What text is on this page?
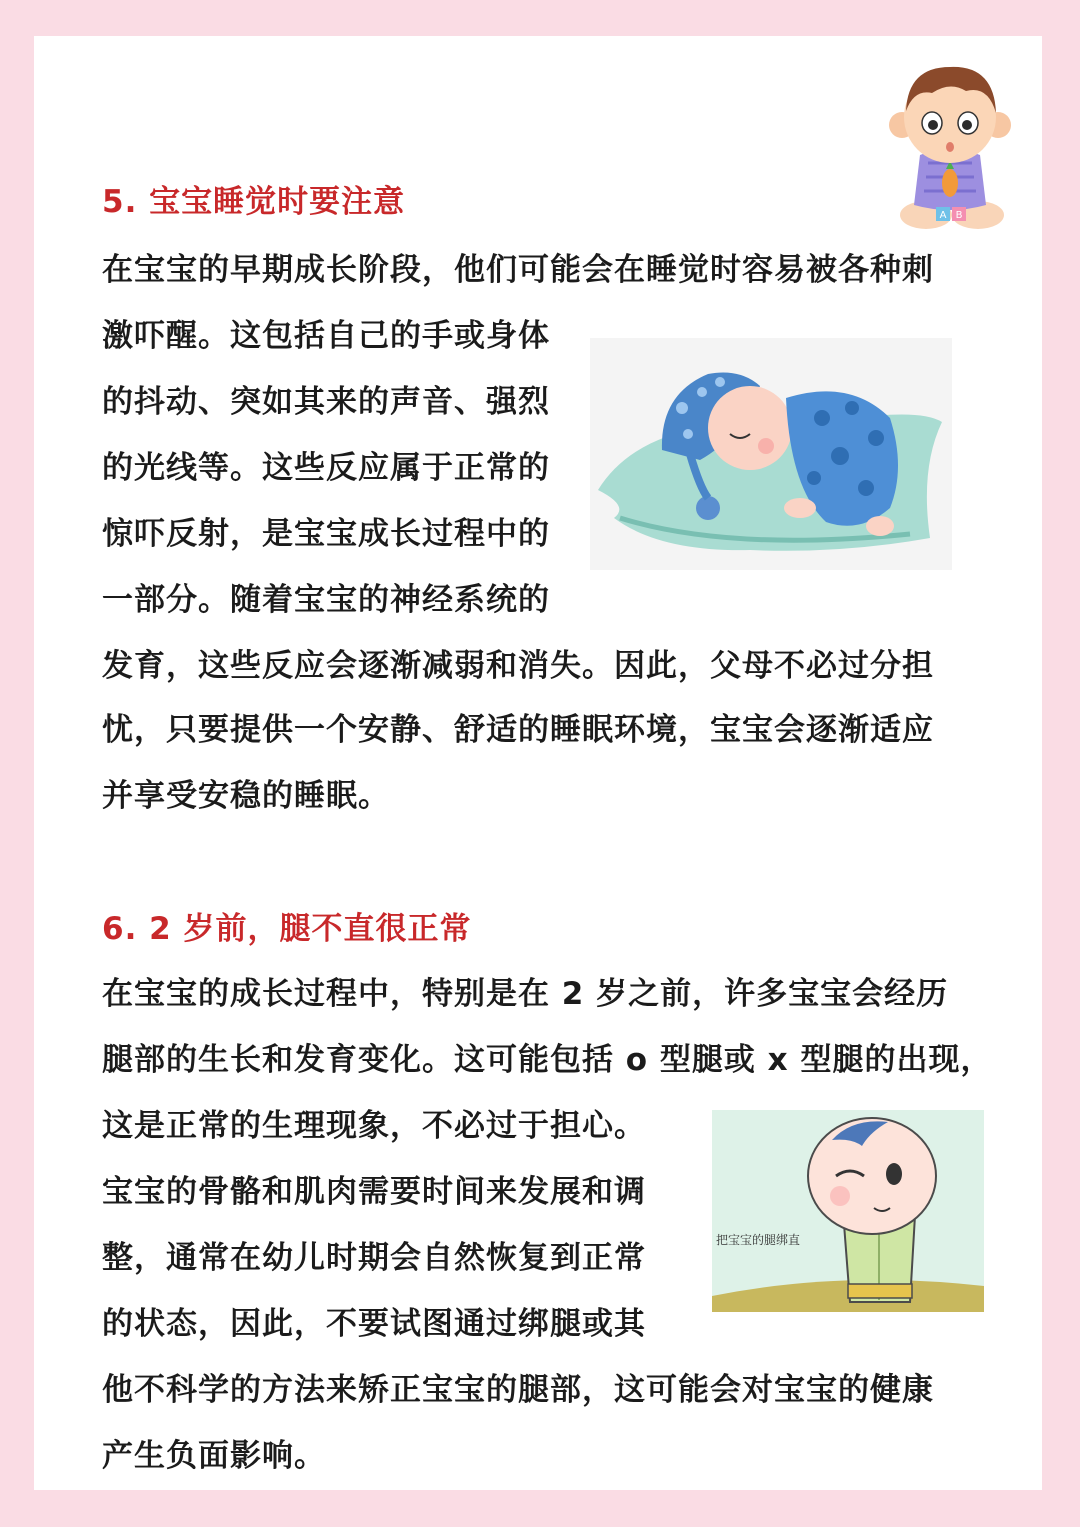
A B
5. 宝宝睡觉时要注意
在宝宝的早期成长阶段，他们可能会在睡觉时容易被各种刺
激吓醒。这包括自己的手或身体
的抖动、突如其来的声音、强烈
的光线等。这些反应属于正常的
惊吓反射，是宝宝成长过程中的
一部分。随着宝宝的神经系统的
发育，这些反应会逐渐减弱和消失。因此，父母不必过分担
忧，只要提供一个安静、舒适的睡眠环境，宝宝会逐渐适应
并享受安稳的睡眠。
6. 2 岁前，腿不直很正常
在宝宝的成长过程中，特别是在 2 岁之前，许多宝宝会经历
腿部的生长和发育变化。这可能包括 o 型腿或 x 型腿的出现，
这是正常的生理现象，不必过于担心。
宝宝的骨骼和肌肉需要时间来发展和调
整，通常在幼儿时期会自然恢复到正常
的状态，因此，不要试图通过绑腿或其
他不科学的方法来矫正宝宝的腿部，这可能会对宝宝的健康
产生负面影响。
把宝宝的腿绑直
